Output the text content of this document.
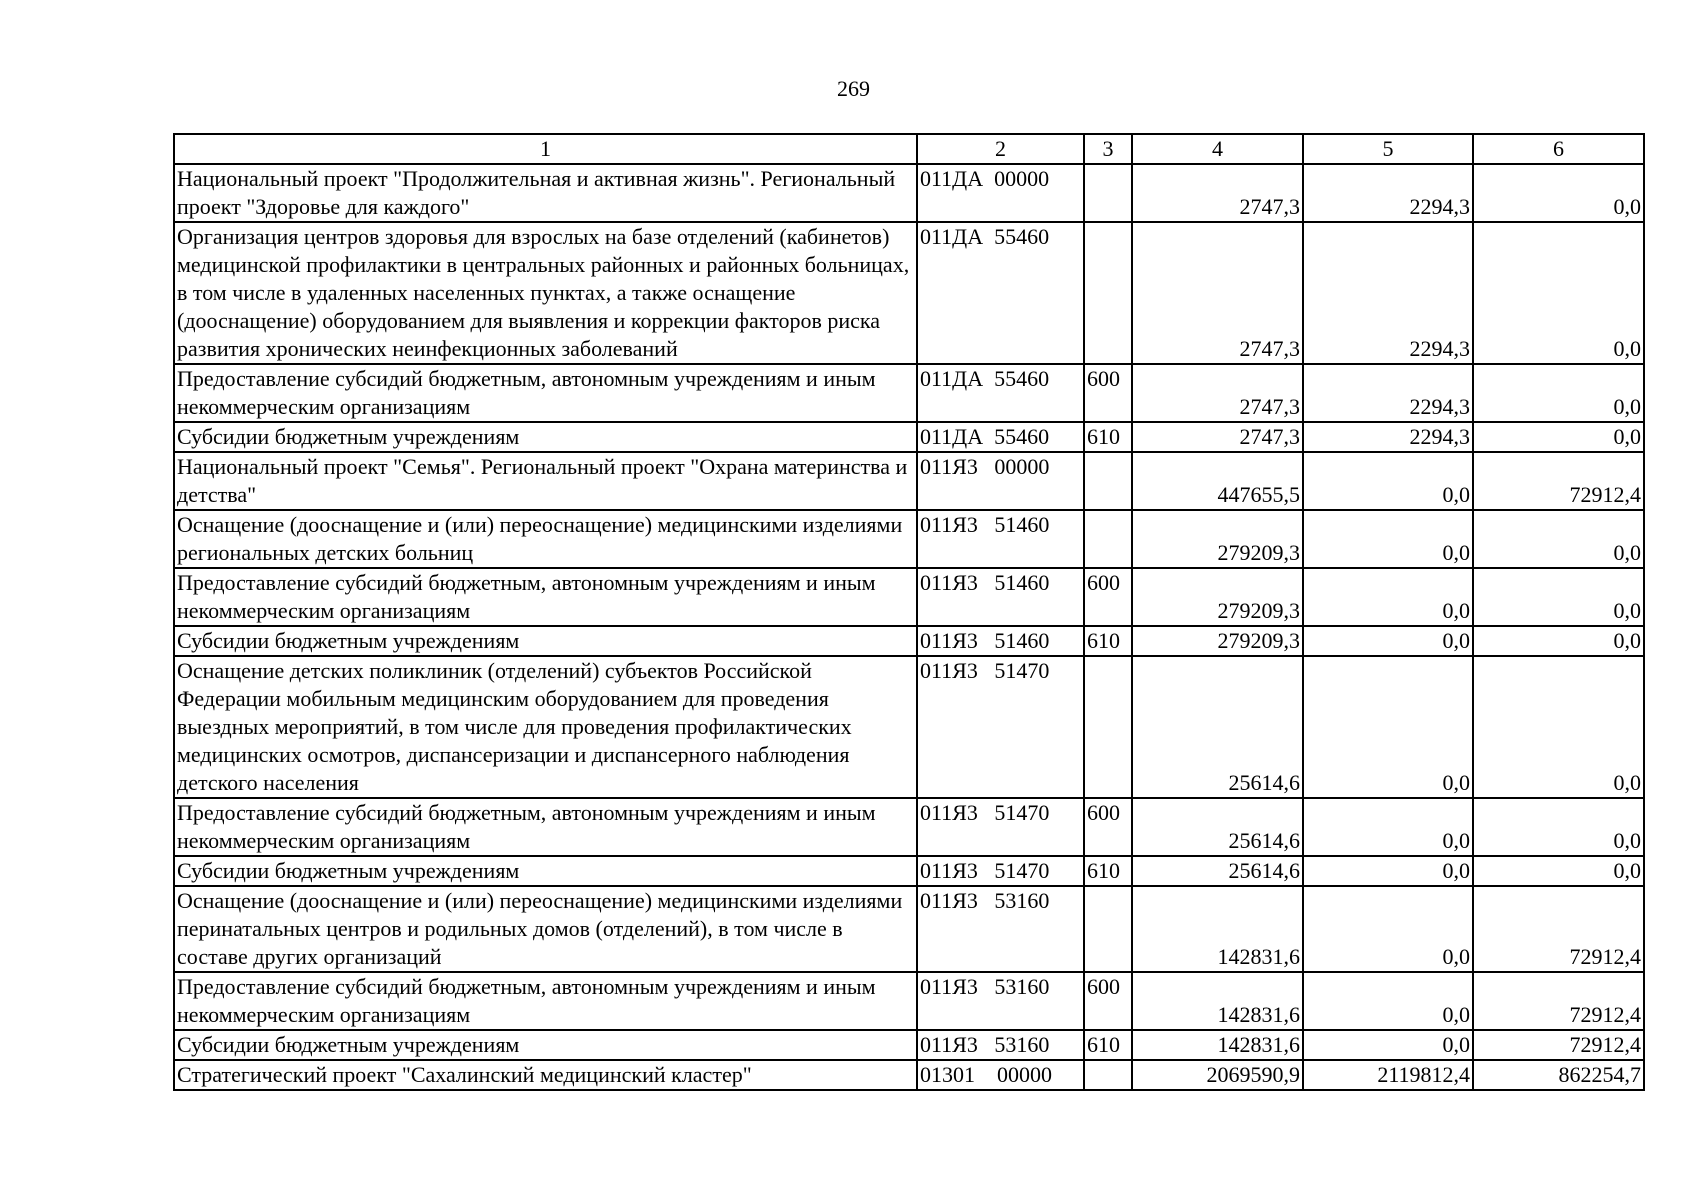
269
1	2	3	4	5	6
Национальный проект "Продолжительная и активная жизнь". Региональный проект "Здоровье для каждого"	011ДА  00000		2747,3	2294,3	0,0
Организация центров здоровья для взрослых на базе отделений (кабинетов) медицинской профилактики в центральных районных и районных больницах, в том числе в удаленных населенных пунктах, а также оснащение (дооснащение) оборудованием для выявления и коррекции факторов риска развития хронических неинфекционных заболеваний	011ДА  55460		2747,3	2294,3	0,0
Предоставление субсидий бюджетным, автономным учреждениям и иным некоммерческим организациям	011ДА  55460	600	2747,3	2294,3	0,0
Субсидии бюджетным учреждениям	011ДА  55460	610	2747,3	2294,3	0,0
Национальный проект "Семья". Региональный проект "Охрана материнства и детства"	011Я3   00000		447655,5	0,0	72912,4
Оснащение (дооснащение и (или) переоснащение) медицинскими изделиями региональных детских больниц	011Я3   51460		279209,3	0,0	0,0
Предоставление субсидий бюджетным, автономным учреждениям и иным некоммерческим организациям	011Я3   51460	600	279209,3	0,0	0,0
Субсидии бюджетным учреждениям	011Я3   51460	610	279209,3	0,0	0,0
Оснащение детских поликлиник (отделений) субъектов Российской Федерации мобильным медицинским оборудованием для проведения выездных мероприятий, в том числе для проведения профилактических медицинских осмотров, диспансеризации и диспансерного наблюдения детского населения	011Я3   51470		25614,6	0,0	0,0
Предоставление субсидий бюджетным, автономным учреждениям и иным некоммерческим организациям	011Я3   51470	600	25614,6	0,0	0,0
Субсидии бюджетным учреждениям	011Я3   51470	610	25614,6	0,0	0,0
Оснащение (дооснащение и (или) переоснащение) медицинскими изделиями перинатальных центров и родильных домов (отделений), в том числе в составе других организаций	011Я3   53160		142831,6	0,0	72912,4
Предоставление субсидий бюджетным, автономным учреждениям и иным некоммерческим организациям	011Я3   53160	600	142831,6	0,0	72912,4
Субсидии бюджетным учреждениям	011Я3   53160	610	142831,6	0,0	72912,4
Стратегический проект "Сахалинский медицинский кластер"	01301    00000		2069590,9	2119812,4	862254,7
